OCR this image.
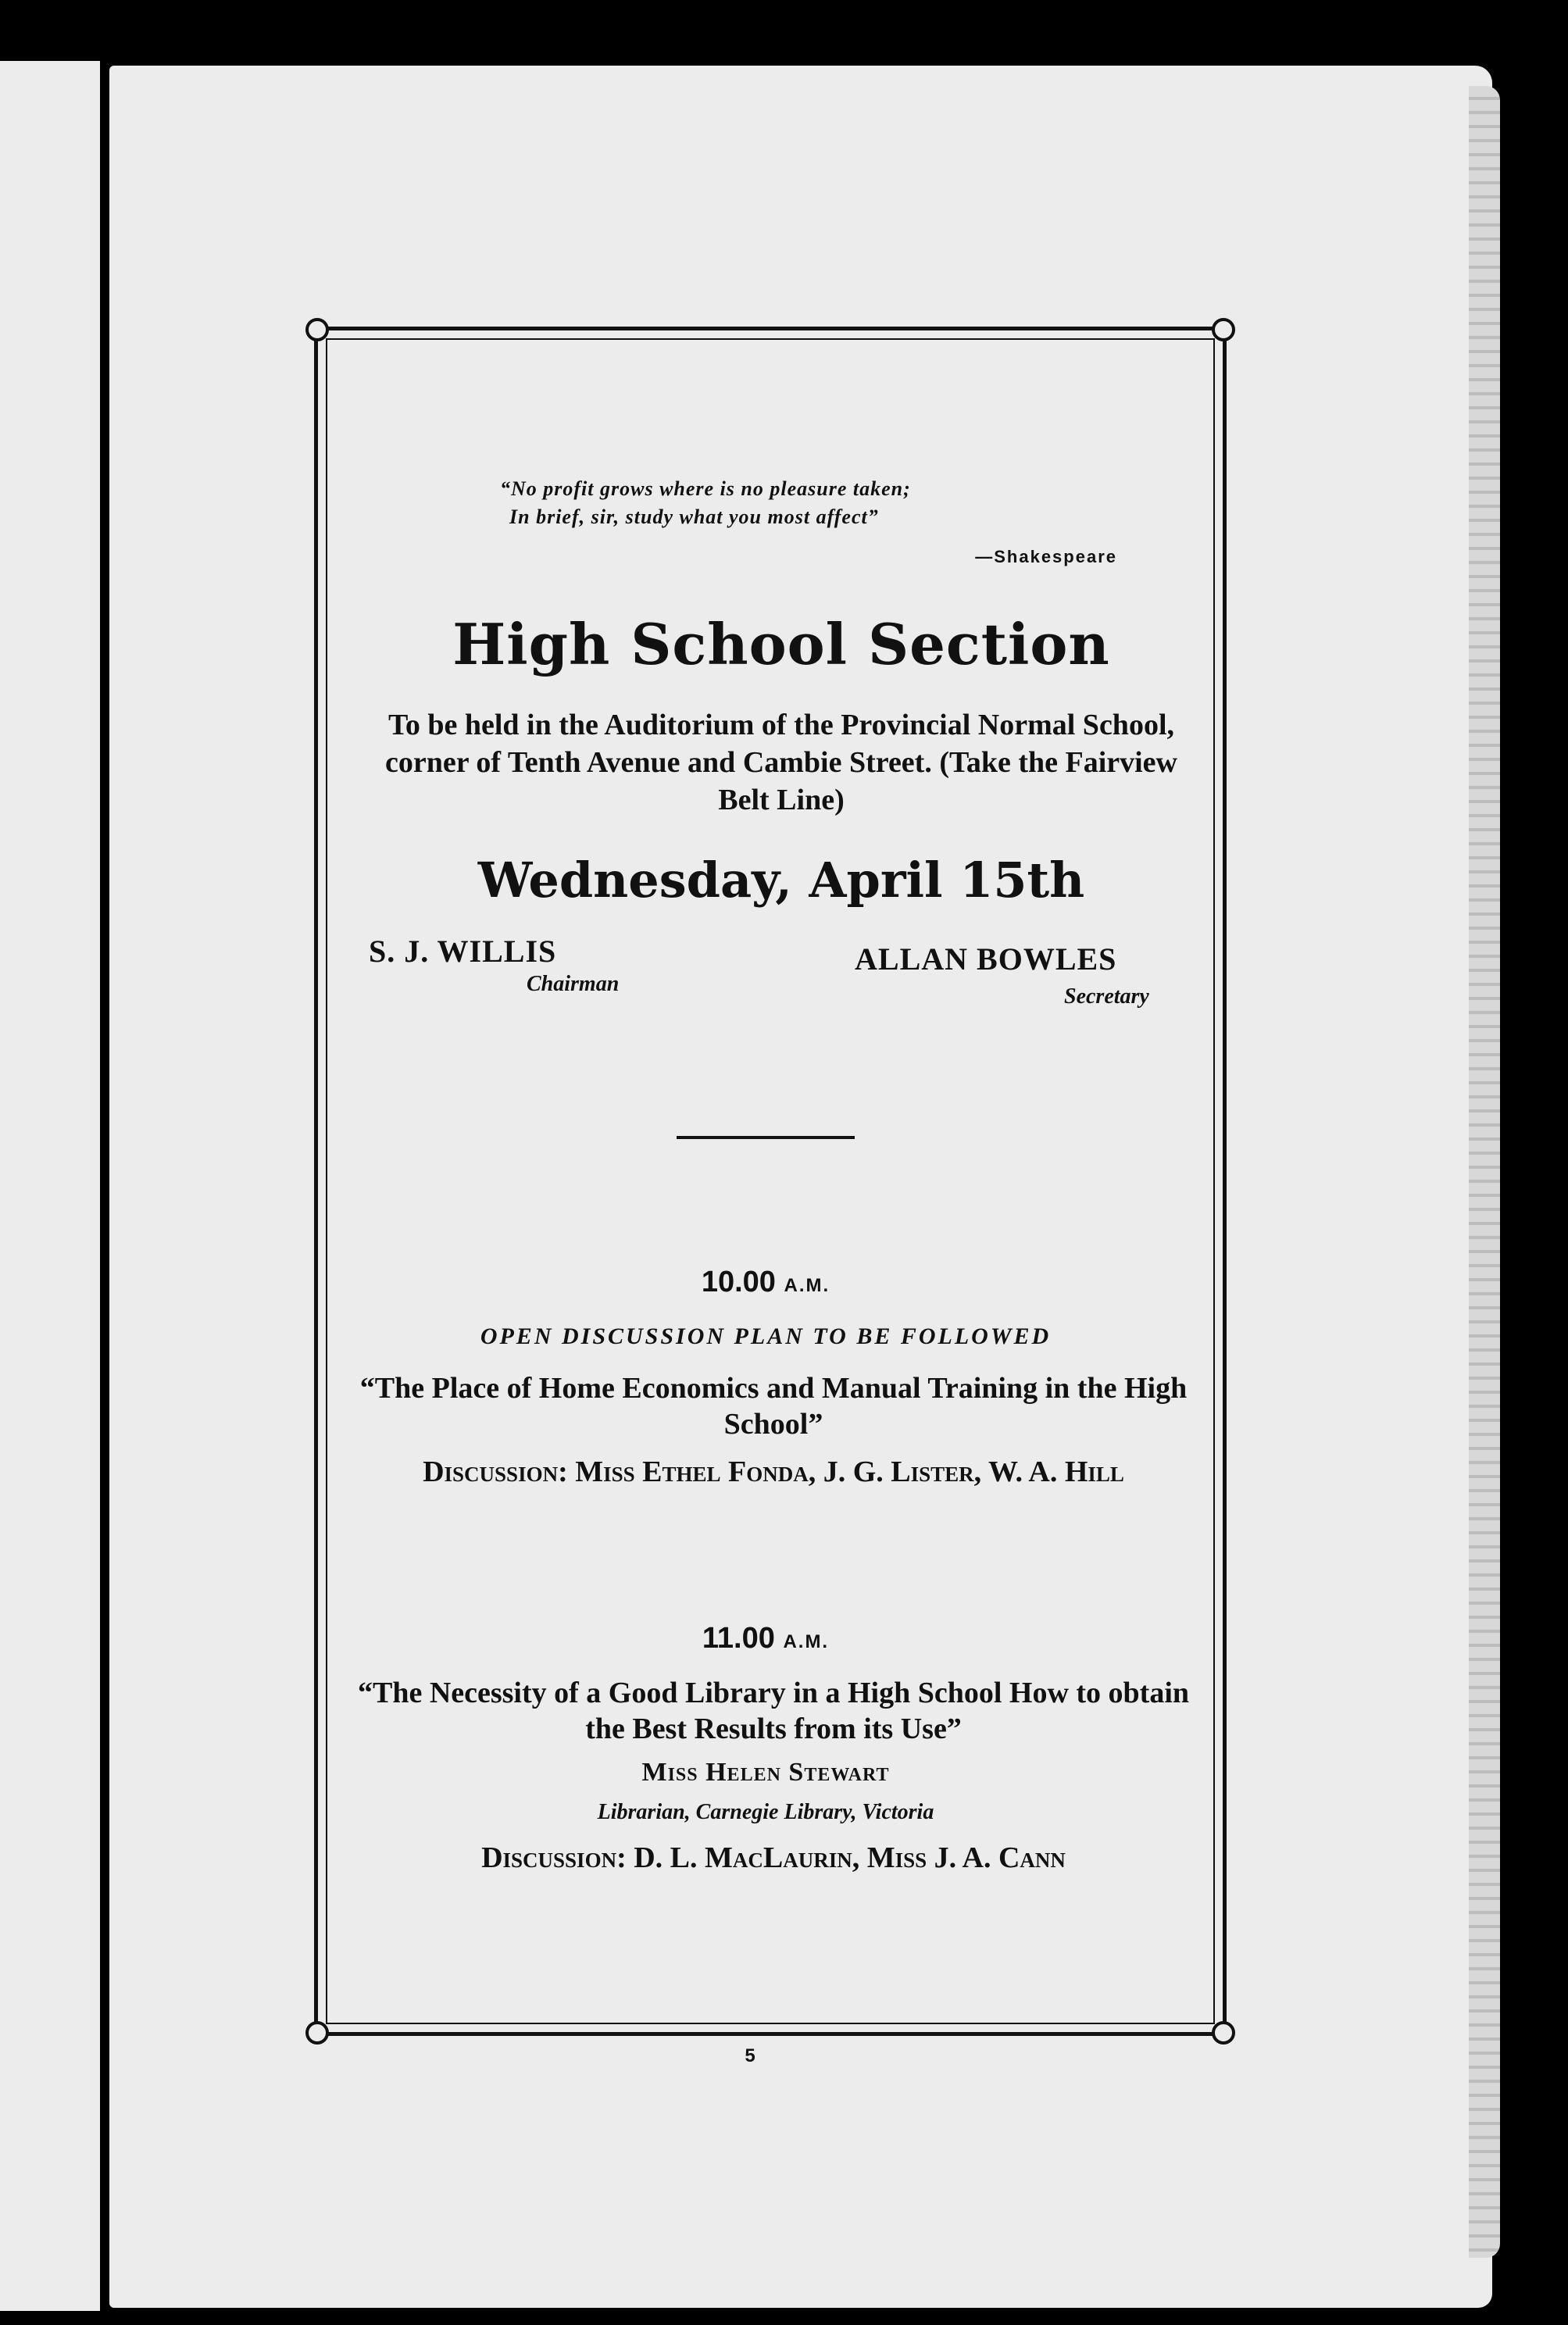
“No profit grows where is no pleasure taken;
In brief, sir, study what you most affect”
—Shakespeare
High School Section
To be held in the Auditorium of the Provincial Normal School, corner of Tenth Avenue and Cambie Street. (Take the Fairview Belt Line)
Wednesday, April 15th
S. J. WILLIS
Chairman
ALLAN BOWLES
Secretary
10.00 A.M.
OPEN DISCUSSION PLAN TO BE FOLLOWED
“The Place of Home Economics and Manual Training in the High School”
Discussion: Miss Ethel Fonda, J. G. Lister, W. A. Hill
11.00 A.M.
“The Necessity of a Good Library in a High School How to obtain the Best Results from its Use”
Miss Helen Stewart
Librarian, Carnegie Library, Victoria
Discussion: D. L. MacLaurin, Miss J. A. Cann
5
